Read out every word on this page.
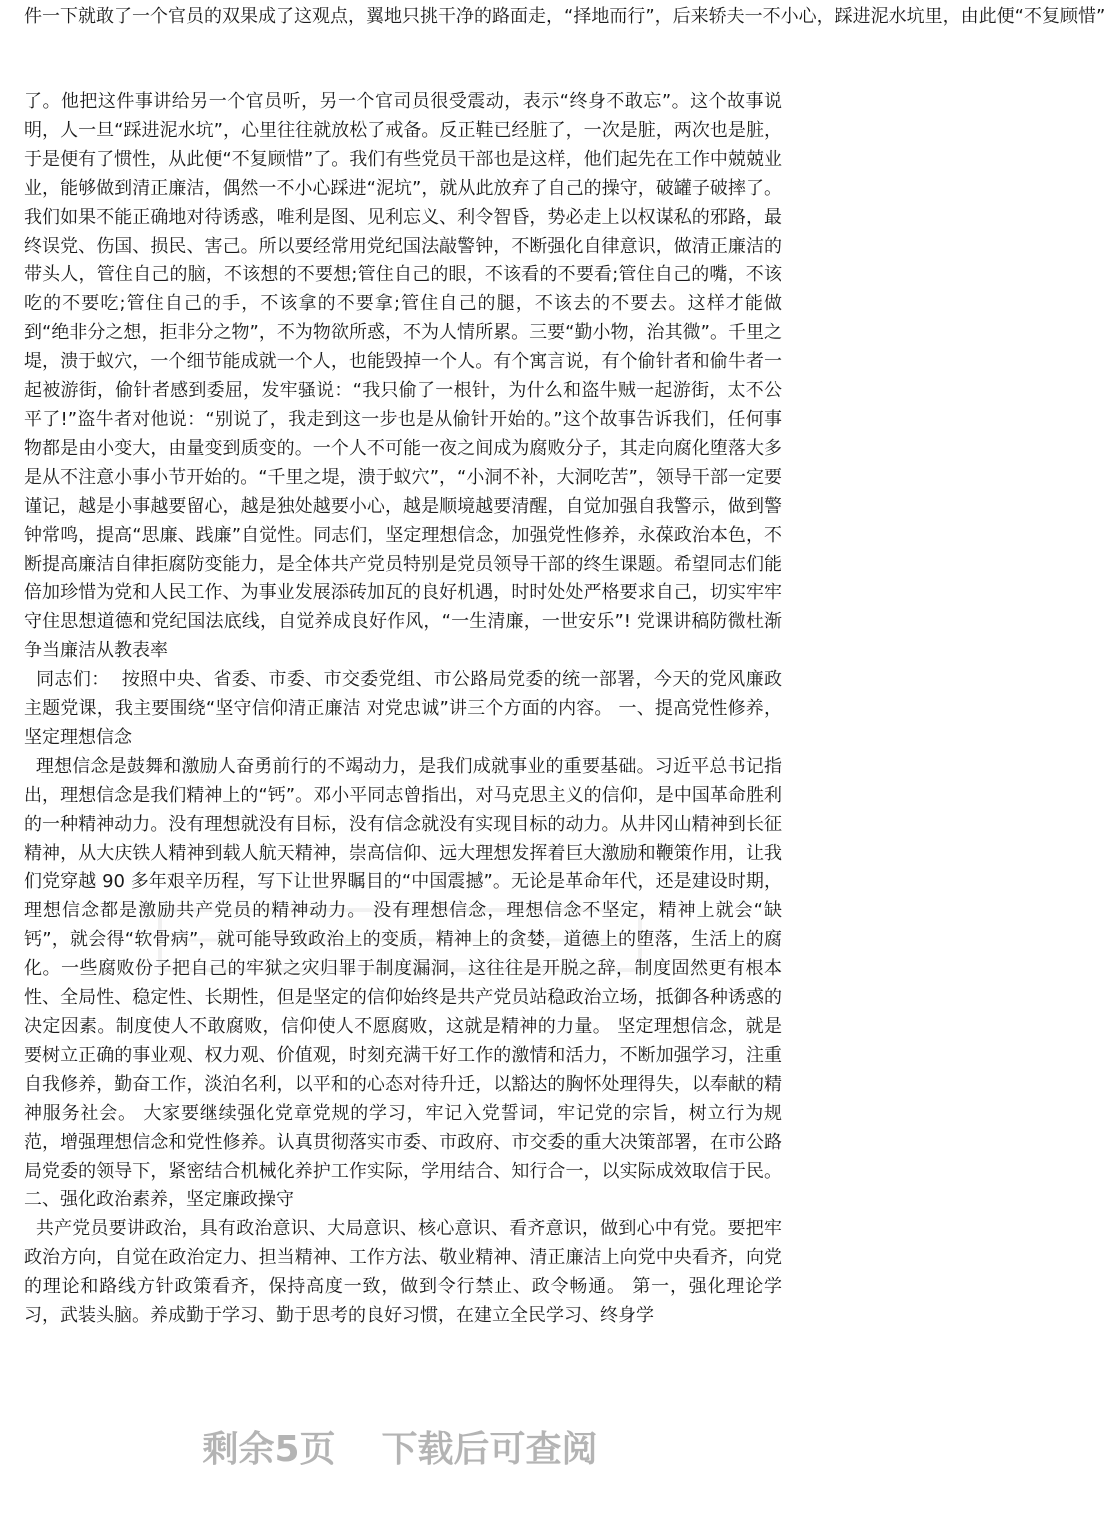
件一下就敢了一个官员的双果成了这观点，翼地只挑干净的路面走，“择地而行”，后来轿夫一不小心，踩进泥水坑里，由此便“不复顾惜”

了。他把这件事讲给另一个官员听，另一个官司员很受震动，表示“终身不敢忘”。这个故事说明，人一旦“踩进泥水坑”，心里往往就放松了戒备。反正鞋已经脏了，一次是脏，两次也是脏，于是便有了惯性，从此便“不复顾惜”了。我们有些党员干部也是这样，他们起先在工作中兢兢业业，能够做到清正廉洁，偶然一不小心踩进“泥坑”，就从此放弃了自己的操守，破罐子破摔了。我们如果不能正确地对待诱惑，唯利是图、见利忘义、利令智昏，势必走上以权谋私的邪路，最终误党、伤国、损民、害己。所以要经常用党纪国法敲警钟，不断强化自律意识，做清正廉洁的带头人，管住自己的脑，不该想的不要想;管住自己的眼，不该看的不要看;管住自己的嘴，不该吃的不要吃;管住自己的手，不该拿的不要拿;管住自己的腿，不该去的不要去。这样才能做到“绝非分之想，拒非分之物”，不为物欲所惑，不为人情所累。三要“勤小物，治其微”。千里之堤，溃于蚁穴，一个细节能成就一个人，也能毁掉一个人。有个寓言说，有个偷针者和偷牛者一起被游街，偷针者感到委屈，发牢骚说：“我只偷了一根针，为什么和盗牛贼一起游街，太不公平了!”盗牛者对他说：“别说了，我走到这一步也是从偷针开始的。”这个故事告诉我们，任何事物都是由小变大，由量变到质变的。一个人不可能一夜之间成为腐败分子，其走向腐化堕落大多是从不注意小事小节开始的。“千里之堤，溃于蚁穴”，“小洞不补，大洞吃苦”，领导干部一定要谨记，越是小事越要留心，越是独处越要小心，越是顺境越要清醒，自觉加强自我警示，做到警钟常鸣，提高“思廉、践廉”自觉性。同志们，坚定理想信念，加强党性修养，永葆政治本色，不断提高廉洁自律拒腐防变能力，是全体共产党员特别是党员领导干部的终生课题。希望同志们能倍加珍惜为党和人民工作、为事业发展添砖加瓦的良好机遇，时时处处严格要求自己，切实牢牢守住思想道德和党纪国法底线，自觉养成良好作风，“一生清廉，一世安乐”! 党课讲稿防微杜渐争当廉洁从教表率

同志们：  按照中央、省委、市委、市交委党组、市公路局党委的统一部署，今天的党风廉政主题党课，我主要围绕“坚守信仰清正廉洁 对党忠诚”讲三个方面的内容。 一、提高党性修养，坚定理想信念

理想信念是鼓舞和激励人奋勇前行的不竭动力，是我们成就事业的重要基础。习近平总书记指出，理想信念是我们精神上的“钙”。邓小平同志曾指出，对马克思主义的信仰，是中国革命胜利的一种精神动力。没有理想就没有目标，没有信念就没有实现目标的动力。从井冈山精神到长征精神，从大庆铁人精神到载人航天精神，崇高信仰、远大理想发挥着巨大激励和鞭策作用，让我们党穿越 90 多年艰辛历程，写下让世界瞩目的“中国震撼”。无论是革命年代，还是建设时期，理想信念都是激励共产党员的精神动力。 没有理想信念，理想信念不坚定，精神上就会“缺钙”，就会得“软骨病”，就可能导致政治上的变质，精神上的贪婪，道德上的堕落，生活上的腐化。一些腐败份子把自己的牢狱之灾归罪于制度漏洞，这往往是开脱之辞，制度固然更有根本性、全局性、稳定性、长期性，但是坚定的信仰始终是共产党员站稳政治立场，抵御各种诱惑的决定因素。制度使人不敢腐败，信仰使人不愿腐败，这就是精神的力量。 坚定理想信念，就是要树立正确的事业观、权力观、价值观，时刻充满干好工作的激情和活力，不断加强学习，注重自我修养，勤奋工作，淡泊名利，以平和的心态对待升迁，以豁达的胸怀处理得失，以奉献的精神服务社会。 大家要继续强化党章党规的学习，牢记入党誓词，牢记党的宗旨，树立行为规范，增强理想信念和党性修养。认真贯彻落实市委、市政府、市交委的重大决策部署，在市公路局党委的领导下，紧密结合机械化养护工作实际，学用结合、知行合一，以实际成效取信于民。 二、强化政治素养，坚定廉政操守

共产党员要讲政治，具有政治意识、大局意识、核心意识、看齐意识，做到心中有党。要把牢政治方向，自觉在政治定力、担当精神、工作方法、敬业精神、清正廉洁上向党中央看齐，向党的理论和路线方针政策看齐，保持高度一致，做到令行禁止、政令畅通。 第一，强化理论学习，武装头脑。养成勤于学习、勤于思考的良好习惯，在建立全民学习、终身学

剩余5页 下载后可查阅
